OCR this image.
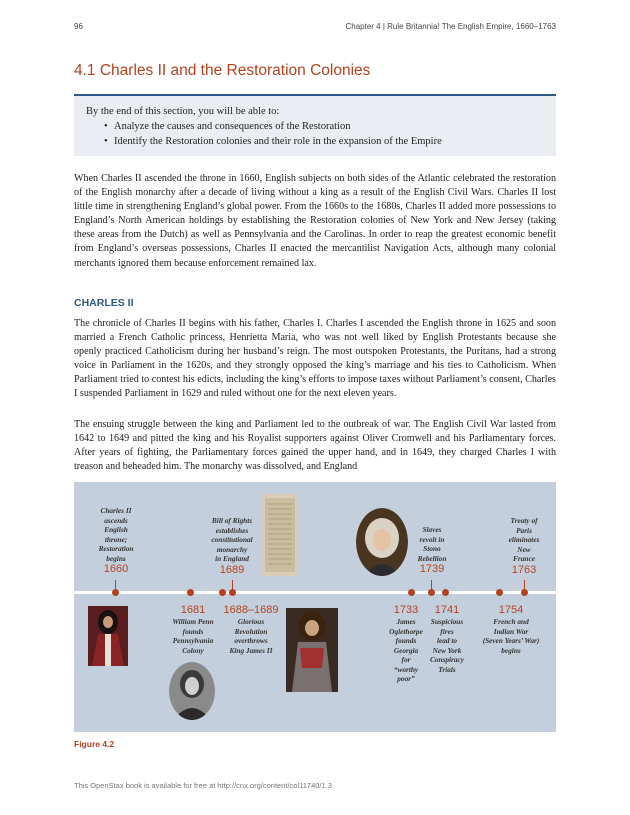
96	Chapter 4 | Rule Britannia! The English Empire, 1660–1763
4.1 Charles II and the Restoration Colonies
By the end of this section, you will be able to:
• Analyze the causes and consequences of the Restoration
• Identify the Restoration colonies and their role in the expansion of the Empire

When Charles II ascended the throne in 1660, English subjects on both sides of the Atlantic celebrated the restoration of the English monarchy after a decade of living without a king as a result of the English Civil Wars. Charles II lost little time in strengthening England’s global power. From the 1660s to the 1680s, Charles II added more possessions to England’s North American holdings by establishing the Restoration colonies of New York and New Jersey (taking these areas from the Dutch) as well as Pennsylvania and the Carolinas. In order to reap the greatest economic benefit from England’s overseas possessions, Charles II enacted the mercantilist Navigation Acts, although many colonial merchants ignored them because enforcement remained lax.

CHARLES II

The chronicle of Charles II begins with his father, Charles I. Charles I ascended the English throne in 1625 and soon married a French Catholic princess, Henrietta Maria, who was not well liked by English Protestants because she openly practiced Catholicism during her husband’s reign. The most outspoken Protestants, the Puritans, had a strong voice in Parliament in the 1620s, and they strongly opposed the king’s marriage and his ties to Catholicism. When Parliament tried to contest his edicts, including the king’s efforts to impose taxes without Parliament’s consent, Charles I suspended Parliament in 1629 and ruled without one for the next eleven years.

The ensuing struggle between the king and Parliament led to the outbreak of war. The English Civil War lasted from 1642 to 1649 and pitted the king and his Royalist supporters against Oliver Cromwell and his Parliamentary forces. After years of fighting, the Parliamentary forces gained the upper hand, and in 1649, they charged Charles I with treason and beheaded him. The monarchy was dissolved, and England

Charles II
ascends
English
throne;
Restoration
begins
1660
Bill of Rights
establishes
constitutional
monarchy
in England
1689
Slaves
revolt in
Stono
Rebellion
1739
Treaty of
Paris
eliminates
New
France
1763
1681
William Penn
founds
Pennsylvania
Colony
1688–1689
Glorious
Revolution
overthrows
King James II
1733
James
Oglethorpe
founds
Georgia
for
“worthy
poor”
1741
Suspicious
fires
lead to
New York
Conspiracy
Trials
1754
French and
Indian War
(Seven Years’ War)
begins
Figure 4.2
This OpenStax book is available for free at http://cnx.org/content/col11740/1.3
